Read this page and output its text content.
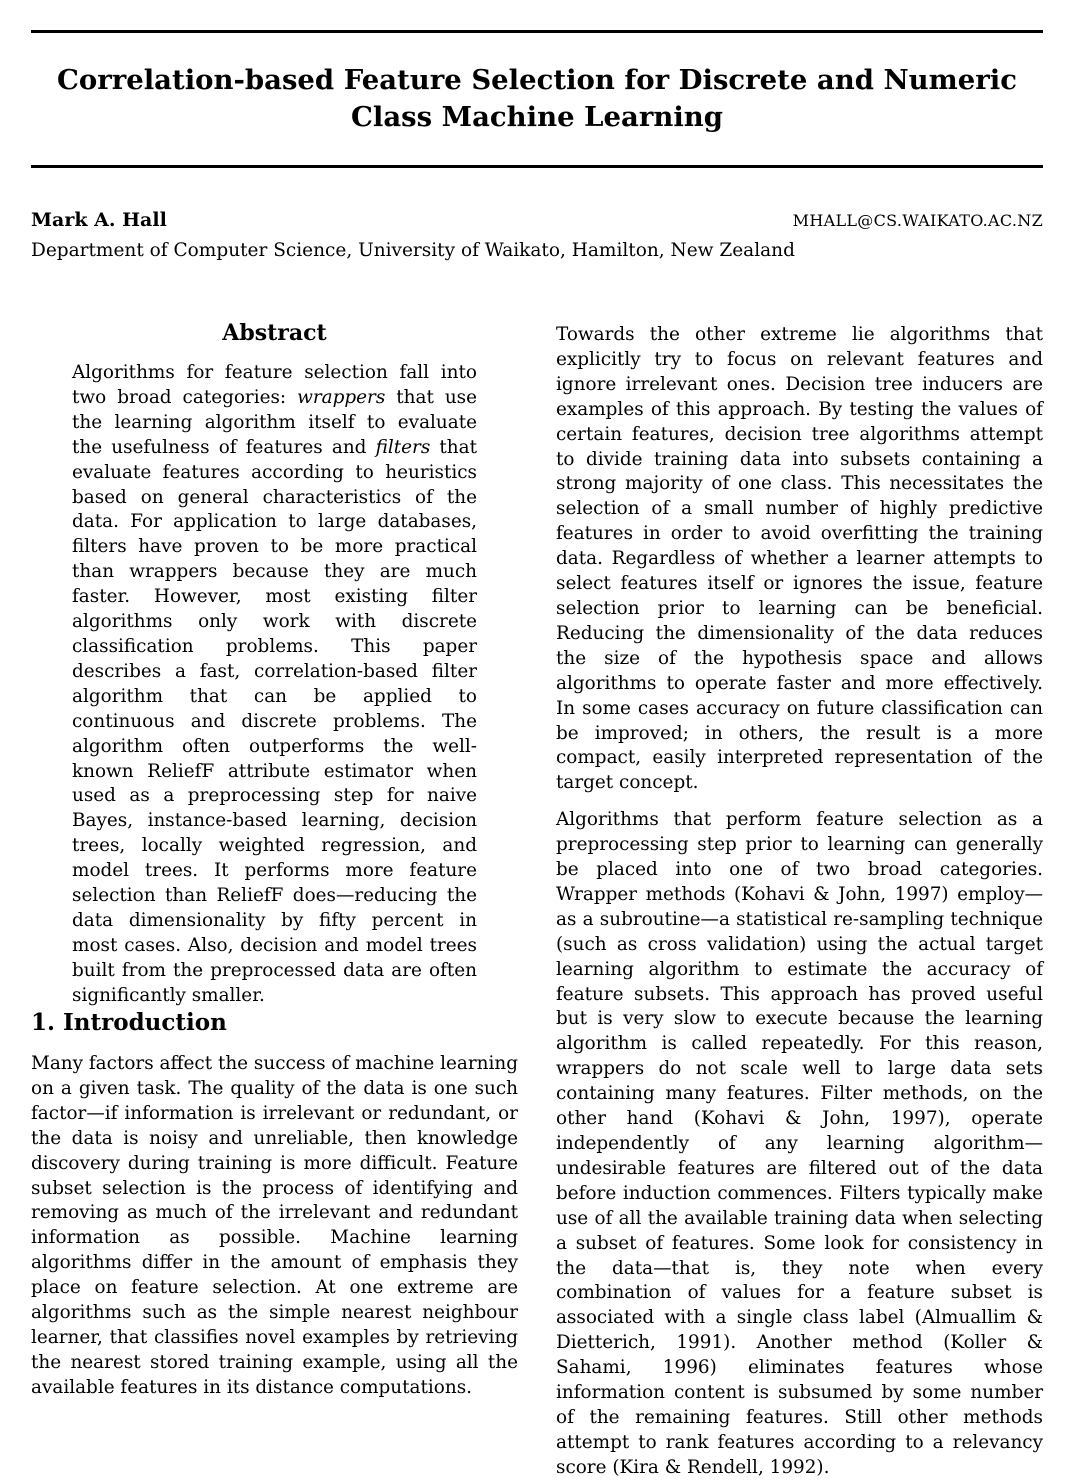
Correlation-based Feature Selection for Discrete and Numeric Class Machine Learning
Mark A. Hall	MHALL@CS.WAIKATO.AC.NZ
Department of Computer Science, University of Waikato, Hamilton, New Zealand
Abstract
Algorithms for feature selection fall into two broad categories: wrappers that use the learning algorithm itself to evaluate the usefulness of features and filters that evaluate features according to heuristics based on general characteristics of the data. For application to large databases, filters have proven to be more practical than wrappers because they are much faster. However, most existing filter algorithms only work with discrete classification problems. This paper describes a fast, correlation-based filter algorithm that can be applied to continuous and discrete problems. The algorithm often outperforms the well-known ReliefF attribute estimator when used as a preprocessing step for naive Bayes, instance-based learning, decision trees, locally weighted regression, and model trees. It performs more feature selection than ReliefF does—reducing the data dimensionality by fifty percent in most cases. Also, decision and model trees built from the preprocessed data are often significantly smaller.
1. Introduction

Many factors affect the success of machine learning on a given task. The quality of the data is one such factor—if information is irrelevant or redundant, or the data is noisy and unreliable, then knowledge discovery during training is more difficult. Feature subset selection is the process of identifying and removing as much of the irrelevant and redundant information as possible. Machine learning algorithms differ in the amount of emphasis they place on feature selection. At one extreme are algorithms such as the simple nearest neighbour learner, that classifies novel examples by retrieving the nearest stored training example, using all the available features in its distance computations.

Towards the other extreme lie algorithms that explicitly try to focus on relevant features and ignore irrelevant ones. Decision tree inducers are examples of this approach. By testing the values of certain features, decision tree algorithms attempt to divide training data into subsets containing a strong majority of one class. This necessitates the selection of a small number of highly predictive features in order to avoid overfitting the training data. Regardless of whether a learner attempts to select features itself or ignores the issue, feature selection prior to learning can be beneficial. Reducing the dimensionality of the data reduces the size of the hypothesis space and allows algorithms to operate faster and more effectively. In some cases accuracy on future classification can be improved; in others, the result is a more compact, easily interpreted representation of the target concept.

Algorithms that perform feature selection as a preprocessing step prior to learning can generally be placed into one of two broad categories. Wrapper methods (Kohavi & John, 1997) employ—as a subroutine—a statistical re-sampling technique (such as cross validation) using the actual target learning algorithm to estimate the accuracy of feature subsets. This approach has proved useful but is very slow to execute because the learning algorithm is called repeatedly. For this reason, wrappers do not scale well to large data sets containing many features. Filter methods, on the other hand (Kohavi & John, 1997), operate independently of any learning algorithm—undesirable features are filtered out of the data before induction commences. Filters typically make use of all the available training data when selecting a subset of features. Some look for consistency in the data—that is, they note when every combination of values for a feature subset is associated with a single class label (Almuallim & Dietterich, 1991). Another method (Koller & Sahami, 1996) eliminates features whose information content is subsumed by some number of the remaining features. Still other methods attempt to rank features according to a relevancy score (Kira & Rendell, 1992).
